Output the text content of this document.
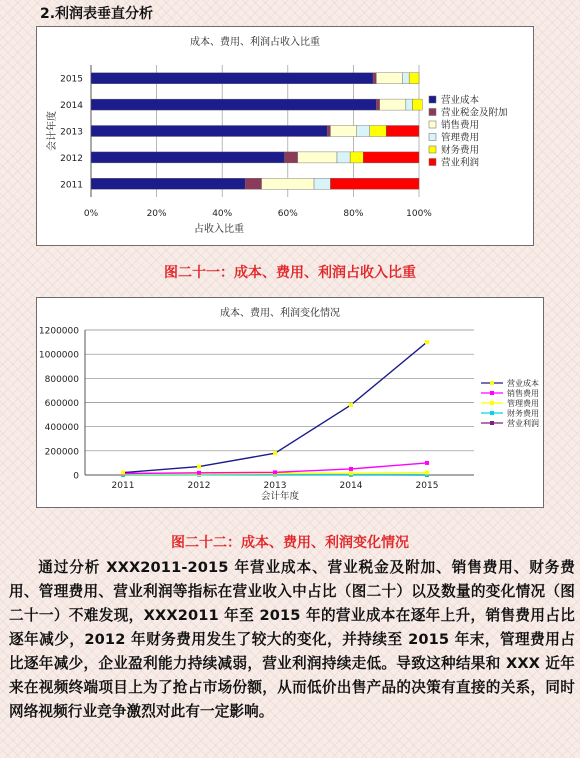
2.利润表垂直分析
成本、费用、利润占收入比重
0%	20%	40%	60%	80%	100%
占收入比重
会计年度
2011
2012
2013
2014
2015
营业成本
营业税金及附加
销售费用
管理费用
财务费用
营业利润
图二十一：成本、费用、利润占收入比重
成本、费用、利润变化情况
0
200000
400000
600000
800000
1000000
1200000
2011	2012	2013	2014	2015
会计年度
营业成本
销售费用
管理费用
财务费用
营业利润
图二十二：成本、费用、利润变化情况
通过分析 XXX2011-2015 年营业成本、营业税金及附加、销售费用、财务费用、管理费用、营业利润等指标在营业收入中占比（图二十）以及数量的变化情况（图二十一）不难发现，XXX2011 年至 2015 年的营业成本在逐年上升，销售费用占比逐年减少，2012 年财务费用发生了较大的变化，并持续至 2015 年末，管理费用占比逐年减少，企业盈利能力持续减弱，营业利润持续走低。导致这种结果和 XXX 近年来在视频终端项目上为了抢占市场份额，从而低价出售产品的决策有直接的关系，同时网络视频行业竞争激烈对此有一定影响。
